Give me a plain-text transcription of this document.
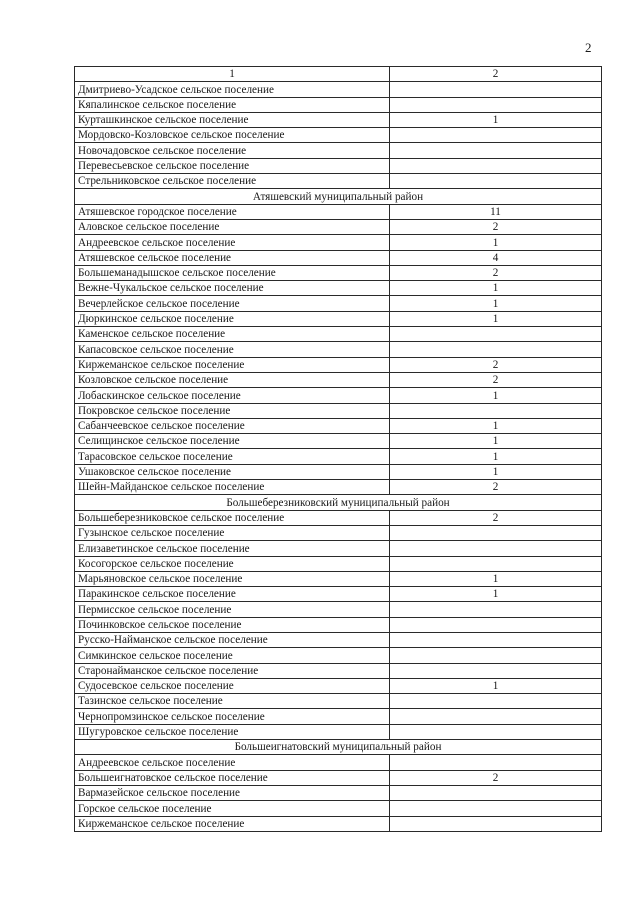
2
1	2
Дмитриево-Усадское сельское поселение	
Кяпалинское сельское поселение	
Курташкинское сельское поселение	1
Мордовско-Козловское сельское поселение	
Новочадовское сельское поселение	
Перевесьевское сельское поселение	
Стрельниковское сельское поселение	
Атяшевский муниципальный район	
Атяшевское городское поселение	11
Аловское сельское поселение	2
Андреевское сельское поселение	1
Атяшевское сельское поселение	4
Большеманадышское сельское поселение	2
Вежне-Чукальское сельское поселение	1
Вечерлейское сельское поселение	1
Дюркинское сельское поселение	1
Каменское сельское поселение	
Капасовское сельское поселение	
Киржеманское сельское поселение	2
Козловское сельское поселение	2
Лобаскинское сельское поселение	1
Покровское сельское поселение	
Сабанчеевское сельское поселение	1
Селищинское сельское поселение	1
Тарасовское сельское поселение	1
Ушаковское сельское поселение	1
Шейн-Майданское сельское поселение	2
Большеберезниковский муниципальный район	
Большеберезниковское сельское поселение	2
Гузынское сельское поселение	
Елизаветинское сельское поселение	
Косогорское сельское поселение	
Марьяновское сельское поселение	1
Паракинское сельское поселение	1
Пермисское сельское поселение	
Починковское сельское поселение	
Русско-Найманское сельское поселение	
Симкинское сельское поселение	
Старонайманское сельское поселение	
Судосевское сельское поселение	1
Тазинское сельское поселение	
Чернопромзинское сельское поселение	
Шугуровское сельское поселение	
Большеигнатовский муниципальный район	
Андреевское сельское поселение	
Большеигнатовское сельское поселение	2
Вармазейское сельское поселение	
Горское сельское поселение	
Киржеманское сельское поселение	
